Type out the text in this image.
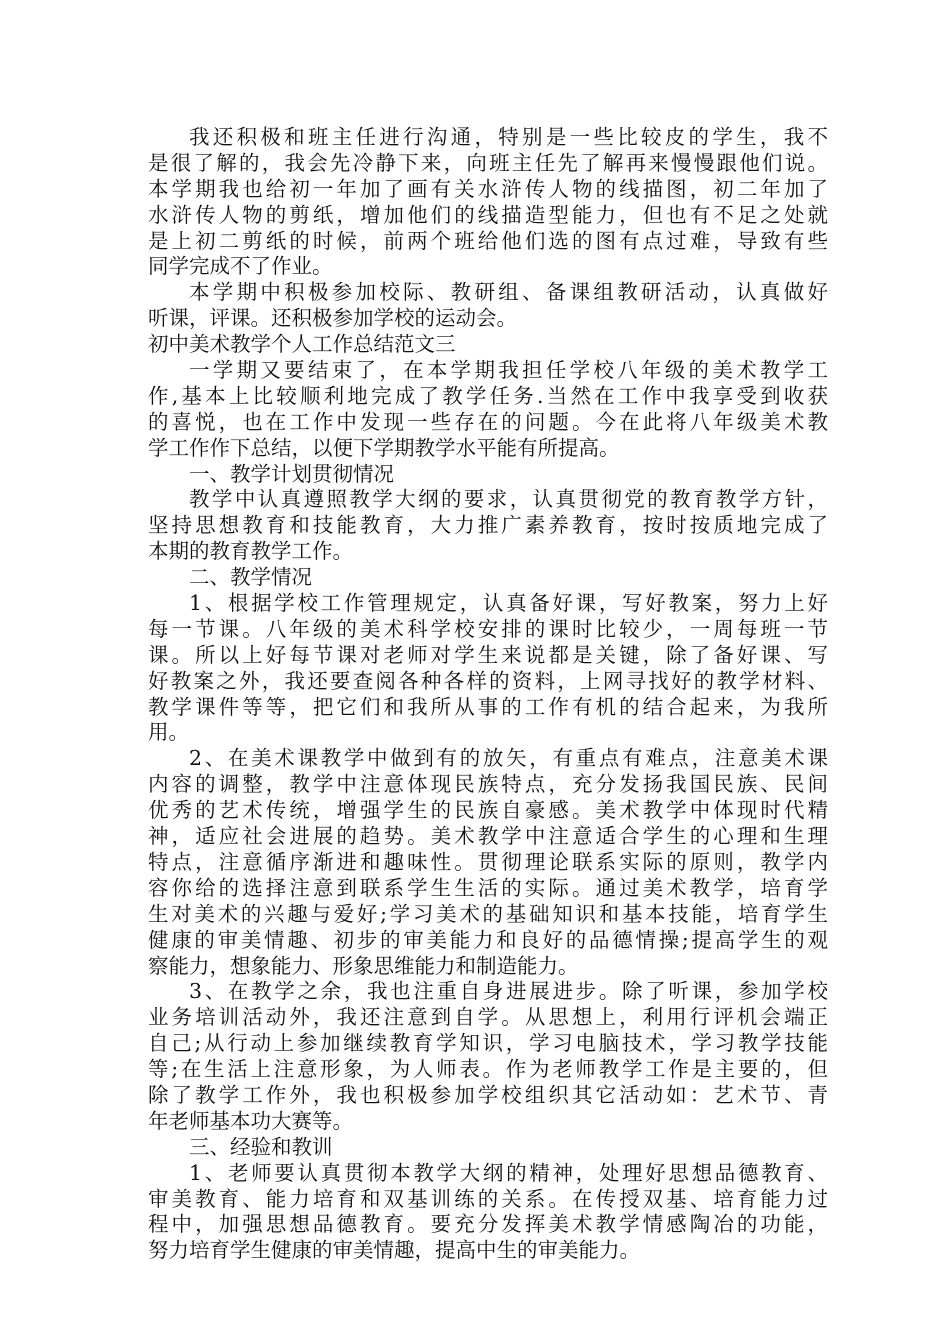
我还积极和班主任进行沟通，特别是一些比较皮的学生，我不
是很了解的，我会先冷静下来，向班主任先了解再来慢慢跟他们说。
本学期我也给初一年加了画有关水浒传人物的线描图，初二年加了
水浒传人物的剪纸，增加他们的线描造型能力，但也有不足之处就
是上初二剪纸的时候，前两个班给他们选的图有点过难，导致有些
同学完成不了作业。
本学期中积极参加校际、教研组、备课组教研活动，认真做好
听课，评课。还积极参加学校的运动会。
初中美术教学个人工作总结范文三
一学期又要结束了，在本学期我担任学校八年级的美术教学工
作,基本上比较顺利地完成了教学任务.当然在工作中我享受到收获
的喜悦，也在工作中发现一些存在的问题。今在此将八年级美术教
学工作作下总结，以便下学期教学水平能有所提高。
一、教学计划贯彻情况
教学中认真遵照教学大纲的要求，认真贯彻党的教育教学方针，
坚持思想教育和技能教育，大力推广素养教育，按时按质地完成了
本期的教育教学工作。
二、教学情况
1、根据学校工作管理规定，认真备好课，写好教案，努力上好
每一节课。八年级的美术科学校安排的课时比较少，一周每班一节
课。所以上好每节课对老师对学生来说都是关键，除了备好课、写
好教案之外，我还要查阅各种各样的资料，上网寻找好的教学材料、
教学课件等等，把它们和我所从事的工作有机的结合起来，为我所
用。
2、在美术课教学中做到有的放矢，有重点有难点，注意美术课
内容的调整，教学中注意体现民族特点，充分发扬我国民族、民间
优秀的艺术传统，增强学生的民族自豪感。美术教学中体现时代精
神，适应社会进展的趋势。美术教学中注意适合学生的心理和生理
特点，注意循序渐进和趣味性。贯彻理论联系实际的原则，教学内
容你给的选择注意到联系学生生活的实际。通过美术教学，培育学
生对美术的兴趣与爱好;学习美术的基础知识和基本技能，培育学生
健康的审美情趣、初步的审美能力和良好的品德情操;提高学生的观
察能力，想象能力、形象思维能力和制造能力。
3、在教学之余，我也注重自身进展进步。除了听课，参加学校
业务培训活动外，我还注意到自学。从思想上，利用行评机会端正
自己;从行动上参加继续教育学知识，学习电脑技术，学习教学技能
等;在生活上注意形象，为人师表。作为老师教学工作是主要的，但
除了教学工作外，我也积极参加学校组织其它活动如：艺术节、青
年老师基本功大赛等。
三、经验和教训
1、老师要认真贯彻本教学大纲的精神，处理好思想品德教育、
审美教育、能力培育和双基训练的关系。在传授双基、培育能力过
程中，加强思想品德教育。要充分发挥美术教学情感陶冶的功能，
努力培育学生健康的审美情趣，提高中生的审美能力。
